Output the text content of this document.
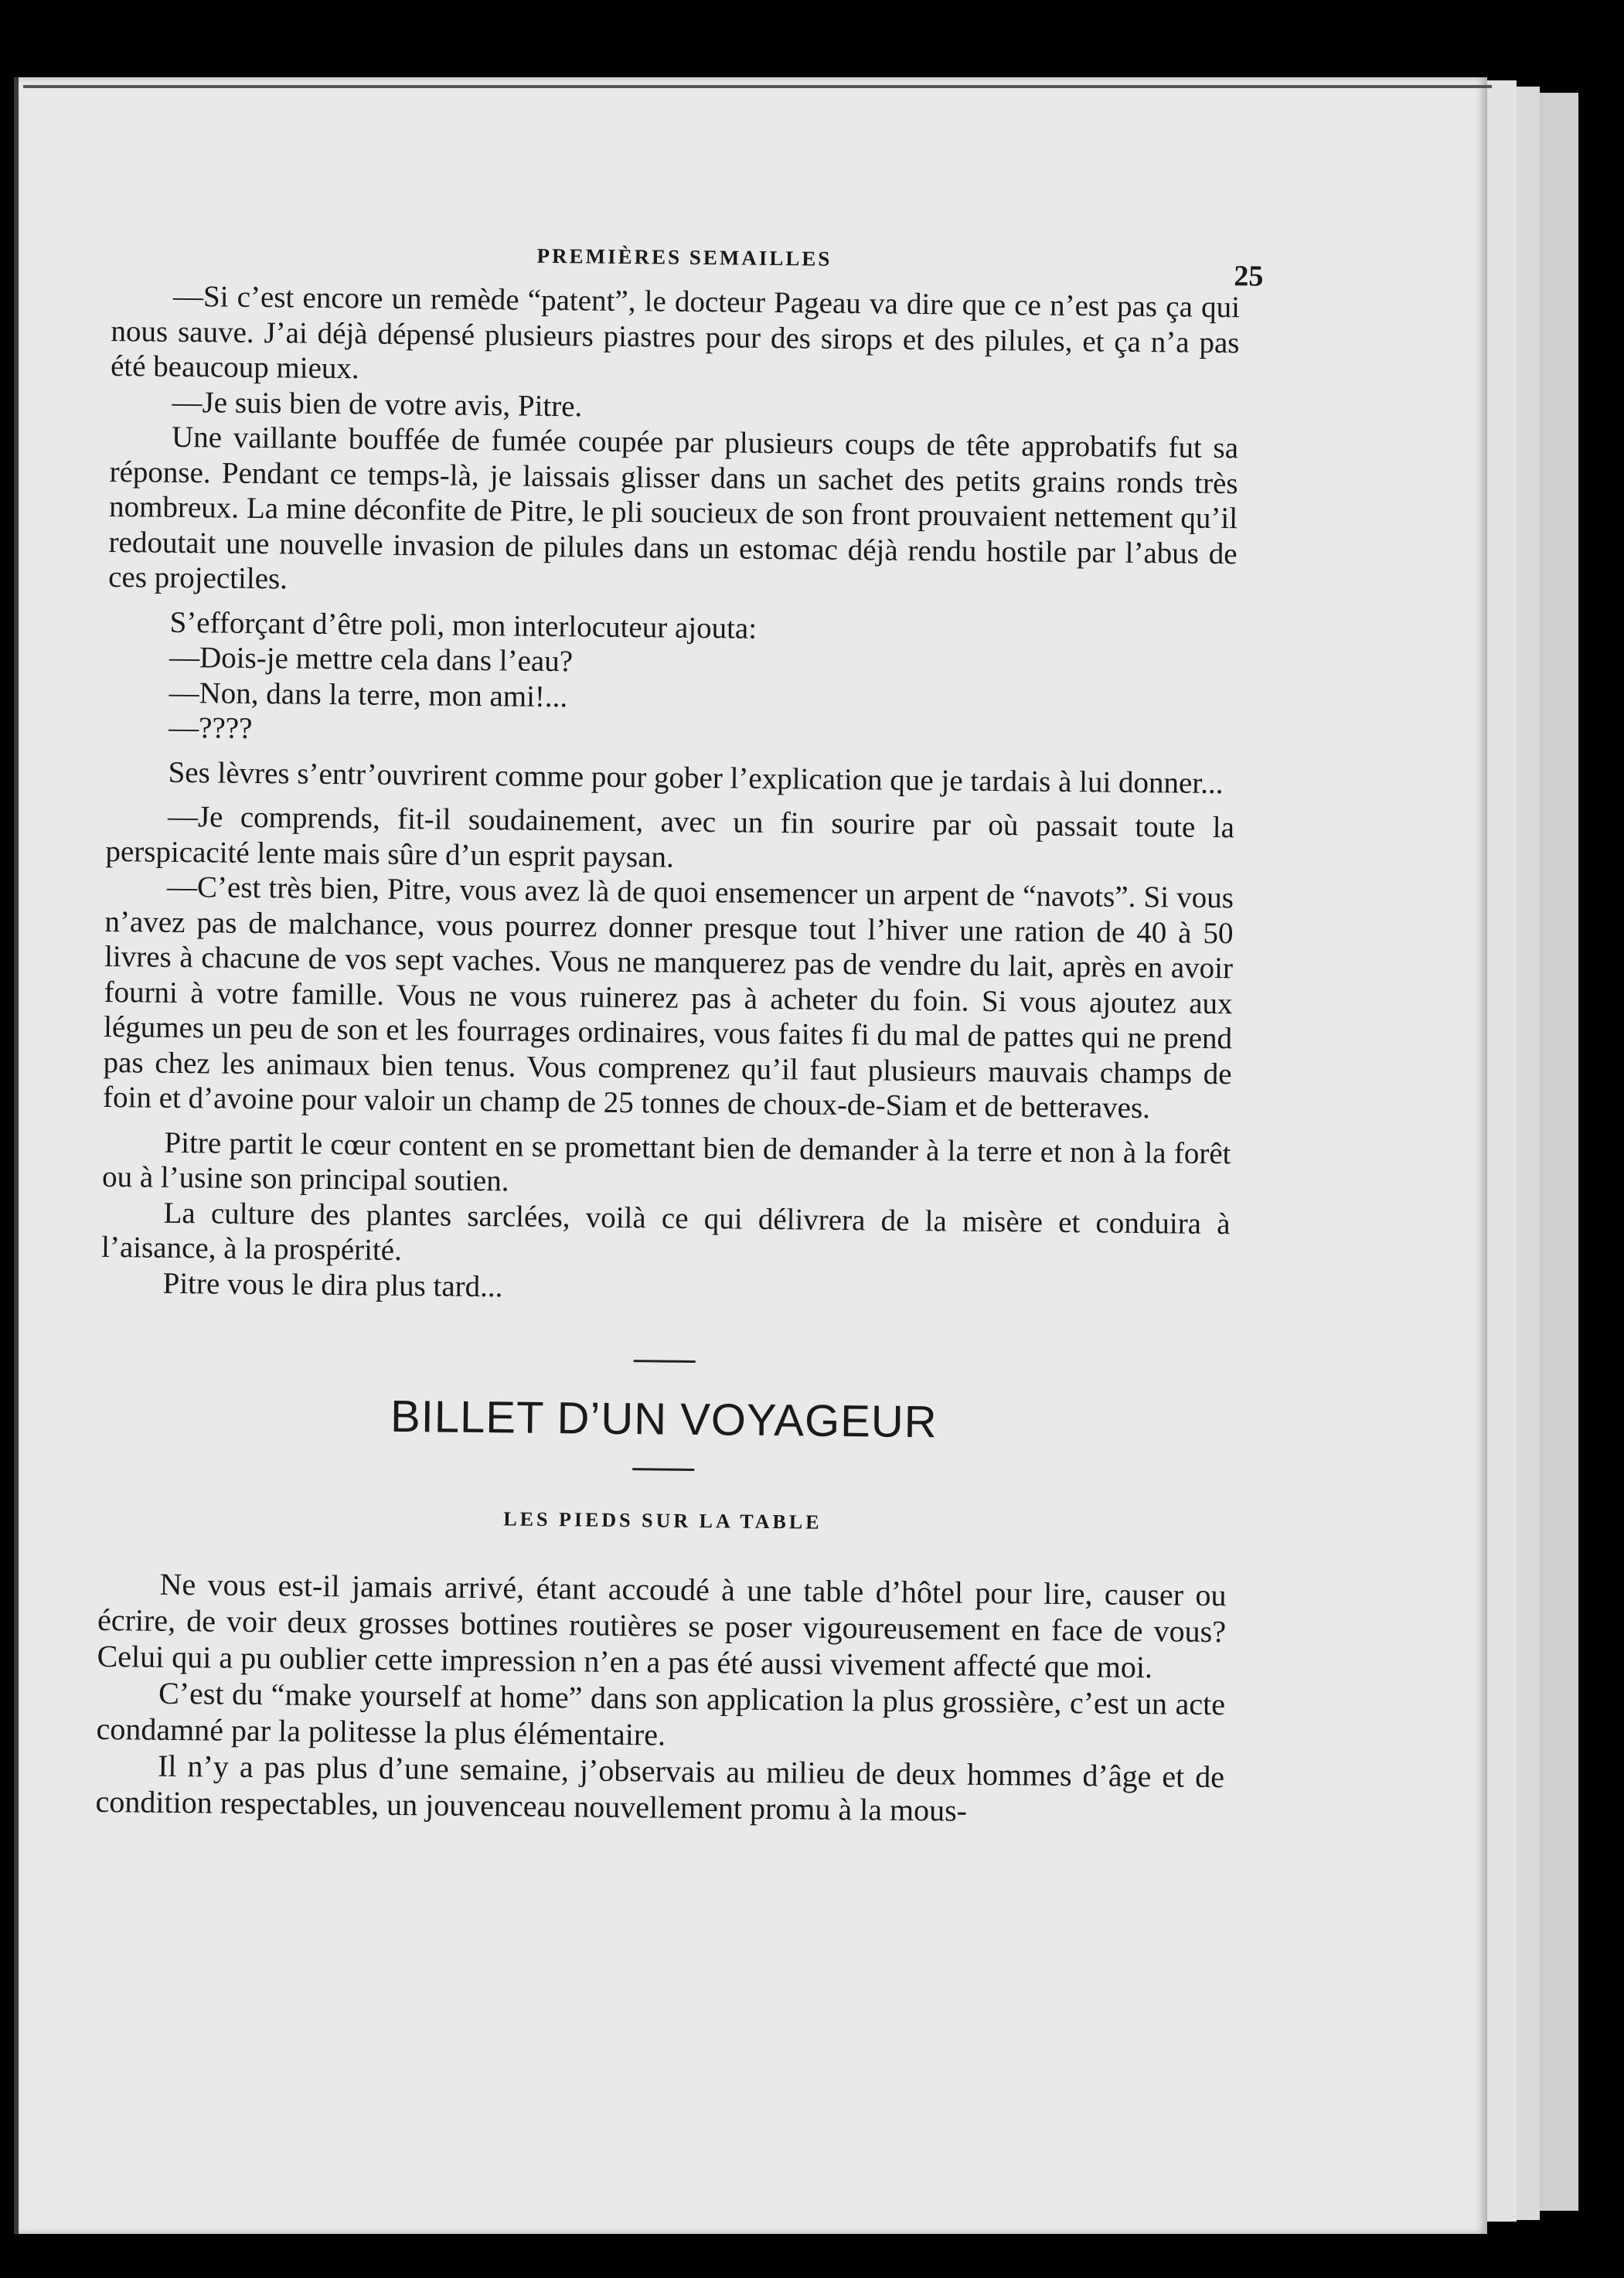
PREMIÈRES SEMAILLES
25

—Si c’est encore un remède “patent”, le docteur Pageau va dire que ce n’est pas ça qui nous sauve. J’ai déjà dépensé plusieurs piastres pour des sirops et des pilules, et ça n’a pas été beaucoup mieux.

—Je suis bien de votre avis, Pitre.

Une vaillante bouffée de fumée coupée par plusieurs coups de tête approbatifs fut sa réponse. Pendant ce temps-là, je laissais glisser dans un sachet des petits grains ronds très nombreux. La mine déconfite de Pitre, le pli soucieux de son front prouvaient nettement qu’il redoutait une nouvelle invasion de pilules dans un estomac déjà rendu hostile par l’abus de ces projectiles.

S’efforçant d’être poli, mon interlocuteur ajouta:

—Dois-je mettre cela dans l’eau?

—Non, dans la terre, mon ami!...

—????

Ses lèvres s’entr’ouvrirent comme pour gober l’explication que je tardais à lui donner...

—Je comprends, fit-il soudainement, avec un fin sourire par où passait toute la perspicacité lente mais sûre d’un esprit paysan.

—C’est très bien, Pitre, vous avez là de quoi ensemencer un arpent de “navots”. Si vous n’avez pas de malchance, vous pourrez donner presque tout l’hiver une ration de 40 à 50 livres à chacune de vos sept vaches. Vous ne manquerez pas de vendre du lait, après en avoir fourni à votre famille. Vous ne vous ruinerez pas à acheter du foin. Si vous ajoutez aux légumes un peu de son et les fourrages ordinaires, vous faites fi du mal de pattes qui ne prend pas chez les animaux bien tenus. Vous comprenez qu’il faut plusieurs mauvais champs de foin et d’avoine pour valoir un champ de 25 tonnes de choux-de-Siam et de betteraves.

Pitre partit le cœur content en se promettant bien de demander à la terre et non à la forêt ou à l’usine son principal soutien.

La culture des plantes sarclées, voilà ce qui délivrera de la misère et conduira à l’aisance, à la prospérité.

Pitre vous le dira plus tard...

BILLET D’UN VOYAGEUR
LES PIEDS SUR LA TABLE

Ne vous est-il jamais arrivé, étant accoudé à une table d’hôtel pour lire, causer ou écrire, de voir deux grosses bottines routières se poser vigoureusement en face de vous? Celui qui a pu oublier cette impression n’en a pas été aussi vivement affecté que moi.

C’est du “make yourself at home” dans son application la plus grossière, c’est un acte condamné par la politesse la plus élémentaire.

Il n’y a pas plus d’une semaine, j’observais au milieu de deux hommes d’âge et de condition respectables, un jouvenceau nouvellement promu à la mous-
